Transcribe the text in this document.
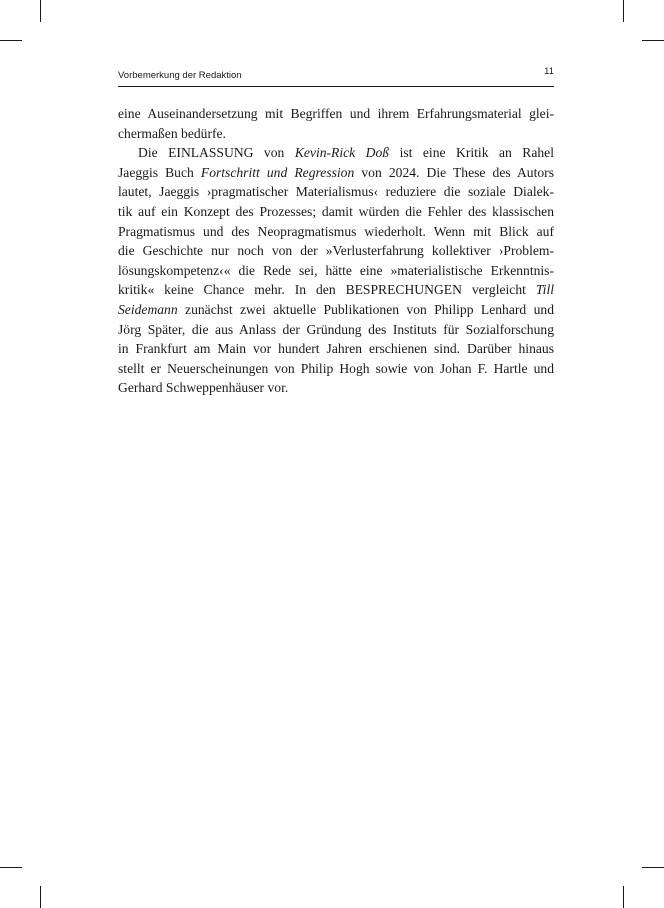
Vorbemerkung der Redaktion	11
eine Auseinandersetzung mit Begriffen und ihrem Erfahrungsmaterial glei-
chermaßen bedürfe.
Die EINLASSUNG von Kevin-Rick Doß ist eine Kritik an Rahel
Jaeggis Buch Fortschritt und Regression von 2024. Die These des Autors
lautet, Jaeggis ›pragmatischer Materialismus‹ reduziere die soziale Dialek-
tik auf ein Konzept des Prozesses; damit würden die Fehler des klassischen
Pragmatismus und des Neopragmatismus wiederholt. Wenn mit Blick auf
die Geschichte nur noch von der »Verlusterfahrung kollektiver ›Problem-
lösungskompetenz‹« die Rede sei, hätte eine »materialistische Erkenntnis-
kritik« keine Chance mehr. In den BESPRECHUNGEN vergleicht Till
Seidemann zunächst zwei aktuelle Publikationen von Philipp Lenhard und
Jörg Später, die aus Anlass der Gründung des Instituts für Sozialforschung
in Frankfurt am Main vor hundert Jahren erschienen sind. Darüber hinaus
stellt er Neuerscheinungen von Philip Hogh sowie von Johan F. Hartle und
Gerhard Schweppenhäuser vor.
